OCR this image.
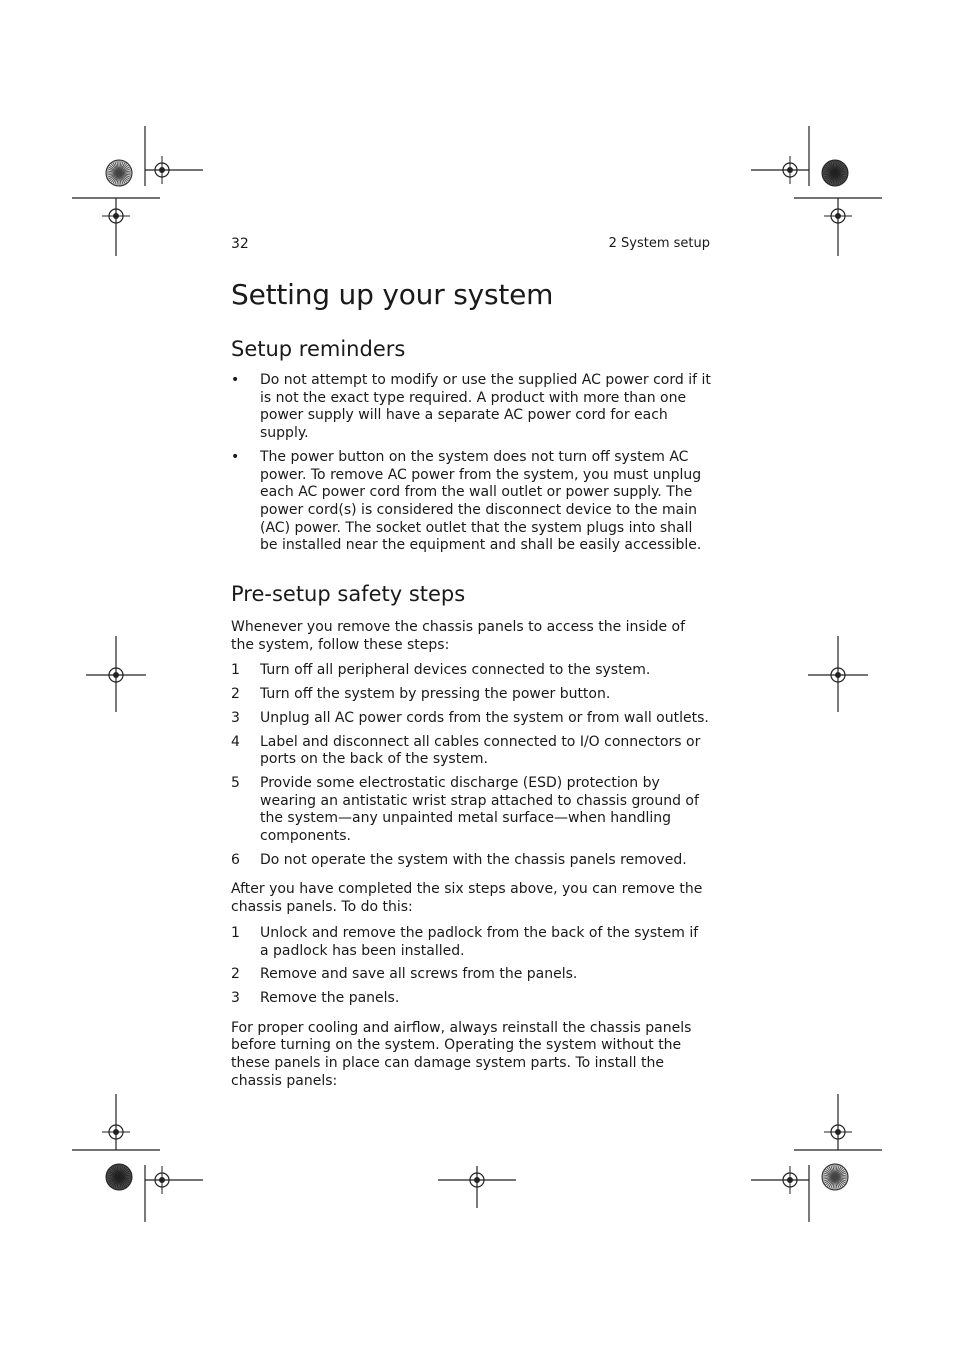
32	2 System setup
Setting up your system
Setup reminders
• Do not attempt to modify or use the supplied AC power cord if it is not the exact type required. A product with more than one power supply will have a separate AC power cord for each supply.
• The power button on the system does not turn off system AC power. To remove AC power from the system, you must unplug each AC power cord from the wall outlet or power supply. The power cord(s) is considered the disconnect device to the main (AC) power. The socket outlet that the system plugs into shall be installed near the equipment and shall be easily accessible.
Pre-setup safety steps

Whenever you remove the chassis panels to access the inside of the system, follow these steps:

1 Turn off all peripheral devices connected to the system.
2 Turn off the system by pressing the power button.
3 Unplug all AC power cords from the system or from wall outlets.
4 Label and disconnect all cables connected to I/O connectors or ports on the back of the system.
5 Provide some electrostatic discharge (ESD) protection by wearing an antistatic wrist strap attached to chassis ground of the system—any unpainted metal surface—when handling components.
6 Do not operate the system with the chassis panels removed.

After you have completed the six steps above, you can remove the chassis panels. To do this:

1 Unlock and remove the padlock from the back of the system if a padlock has been installed.
2 Remove and save all screws from the panels.
3 Remove the panels.

For proper cooling and airflow, always reinstall the chassis panels before turning on the system. Operating the system without the these panels in place can damage system parts. To install the chassis panels:
